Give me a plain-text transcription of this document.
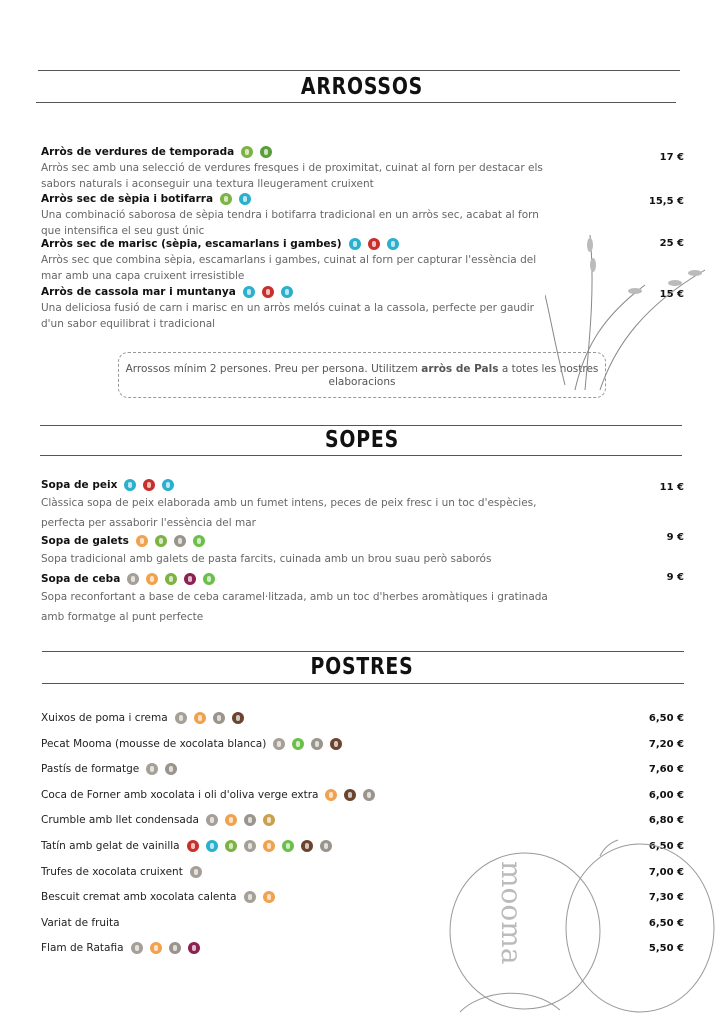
ARROSSOS
Arròs de verdures de temporada
Arròs sec amb una selecció de verdures fresques i de proximitat, cuinat al forn per destacar els sabors naturals i aconseguir una textura lleugerament cruixent
17 €
Arròs sec de sèpia i botifarra
Una combinació saborosa de sèpia tendra i botifarra tradicional en un arròs sec, acabat al forn que intensifica el seu gust únic
15,5 €
Arròs sec de marisc (sèpia, escamarlans i gambes)
Arròs sec que combina sèpia, escamarlans i gambes, cuinat al forn per capturar l'essència del mar amb una capa cruixent irresistible
25 €
Arròs de cassola mar i muntanya
Una deliciosa fusió de carn i marisc en un arròs melós cuinat a la cassola, perfecte per gaudir d'un sabor equilibrat i tradicional
15 €
Arrossos mínim 2 persones. Preu per persona. Utilitzem arròs de Pals a totes les nostres elaboracions
SOPES
Sopa de peix
Clàssica sopa de peix elaborada amb un fumet intens, peces de peix fresc i un toc d'espècies, perfecta per assaborir l'essència del mar
11 €
Sopa de galets
Sopa tradicional amb galets de pasta farcits, cuinada amb un brou suau però saborós
9 €
Sopa de ceba
Sopa reconfortant a base de ceba caramel·litzada, amb un toc d'herbes aromàtiques i gratinada amb formatge al punt perfecte
9 €
POSTRES
Xuixos de poma i crema	6,50 €
Pecat Mooma (mousse de xocolata blanca)	7,20 €
Pastís de formatge	7,60 €
Coca de Forner amb xocolata i oli d'oliva verge extra	6,00 €
Crumble amb llet condensada	6,80 €
Tatín amb gelat de vainilla	6,50 €
Trufes de xocolata cruixent	7,00 €
Bescuit cremat amb xocolata calenta	7,30 €
Variat de fruita	6,50 €
Flam de Ratafia	5,50 €
mooma
